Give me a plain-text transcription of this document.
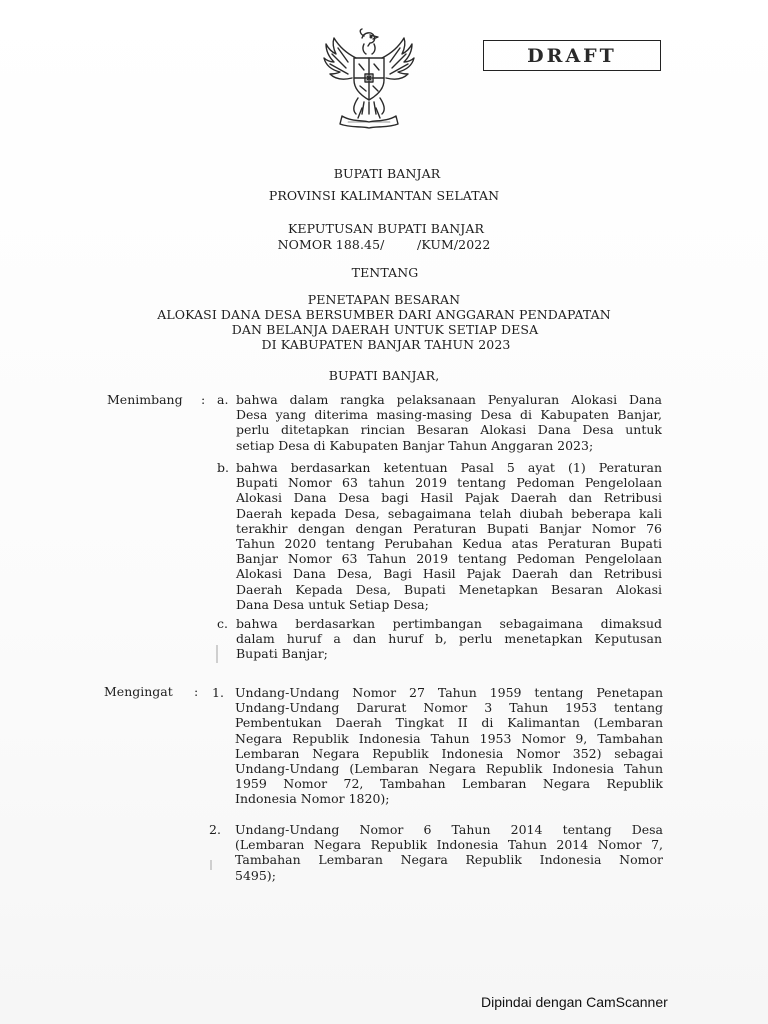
DRAFT
BUPATI BANJAR
PROVINSI KALIMANTAN SELATAN
KEPUTUSAN BUPATI BANJAR
NOMOR 188.45/        /KUM/2022
TENTANG
PENETAPAN BESARAN
ALOKASI DANA DESA BERSUMBER DARI ANGGARAN PENDAPATAN
DAN BELANJA DAERAH UNTUK SETIAP DESA
DI KABUPATEN BANJAR TAHUN 2023
BUPATI BANJAR,
Menimbang : a. bahwa dalam rangka pelaksanaan Penyaluran Alokasi Dana
Desa yang diterima masing-masing Desa di Kabupaten Banjar,
perlu ditetapkan rincian Besaran Alokasi Dana Desa untuk
setiap Desa di Kabupaten Banjar Tahun Anggaran 2023;
b. bahwa berdasarkan ketentuan Pasal 5 ayat (1) Peraturan
Bupati Nomor 63 tahun 2019 tentang Pedoman Pengelolaan
Alokasi Dana Desa bagi Hasil Pajak Daerah dan Retribusi
Daerah kepada Desa, sebagaimana telah diubah beberapa kali
terakhir dengan dengan Peraturan Bupati Banjar Nomor 76
Tahun 2020 tentang Perubahan Kedua atas Peraturan Bupati
Banjar Nomor 63 Tahun 2019 tentang Pedoman Pengelolaan
Alokasi Dana Desa, Bagi Hasil Pajak Daerah dan Retribusi
Daerah Kepada Desa, Bupati Menetapkan Besaran Alokasi
Dana Desa untuk Setiap Desa;
c. bahwa berdasarkan pertimbangan sebagaimana dimaksud
dalam huruf a dan huruf b, perlu menetapkan Keputusan
Bupati Banjar;
Mengingat : 1. Undang-Undang Nomor 27 Tahun 1959 tentang Penetapan
Undang-Undang Darurat Nomor 3 Tahun 1953 tentang
Pembentukan Daerah Tingkat II di Kalimantan (Lembaran
Negara Republik Indonesia Tahun 1953 Nomor 9, Tambahan
Lembaran Negara Republik Indonesia Nomor 352) sebagai
Undang-Undang (Lembaran Negara Republik Indonesia Tahun
1959 Nomor 72, Tambahan Lembaran Negara Republik
Indonesia Nomor 1820);
2. Undang-Undang Nomor 6 Tahun 2014 tentang Desa
(Lembaran Negara Republik Indonesia Tahun 2014 Nomor 7,
Tambahan Lembaran Negara Republik Indonesia Nomor
5495);
Dipindai dengan CamScanner
